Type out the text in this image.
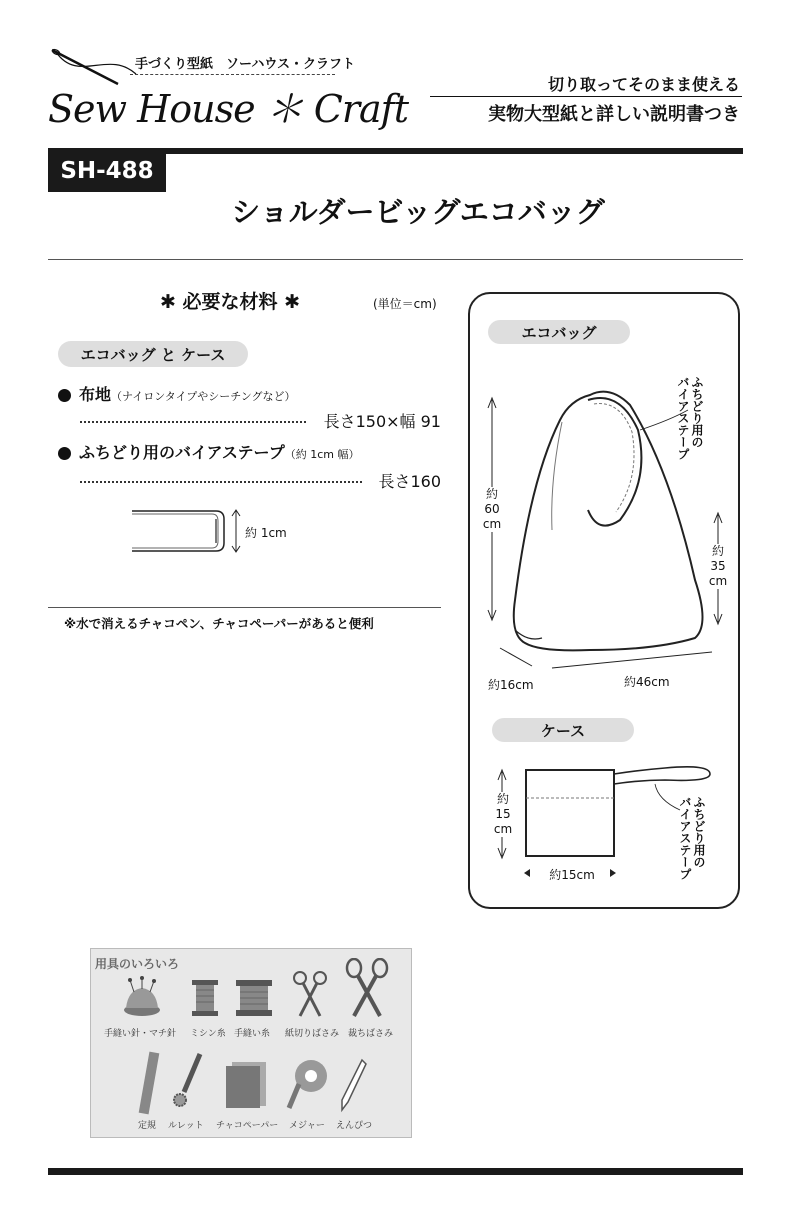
手づくり型紙　ソーハウス・クラフト
Sew House ＊ Craft
切り取ってそのまま使える
実物大型紙と詳しい説明書つき
SH-488
ショルダービッグエコバッグ
✱ 必要な材料 ✱	(単位＝cm)
エコバッグ と ケース
布地（ナイロンタイプやシーチングなど）
長さ150×幅 91
ふちどり用のバイアステープ（約 1cm 幅）
長さ160
約 1cm
※水で消えるチャコペン、チャコペーパーがあると便利
エコバッグ
ふちどり用の
バイアステープ
約
60
cm
約
35
cm
約16cm	約46cm
ケース
約
15
cm
約15cm
ふちどり用の
バイアステープ
用具のいろいろ
手縫い針・マチ針 ミシン糸 手縫い糸 紙切りばさみ 裁ちばさみ
定規 ルレット チャコペーパー メジャー えんぴつ
